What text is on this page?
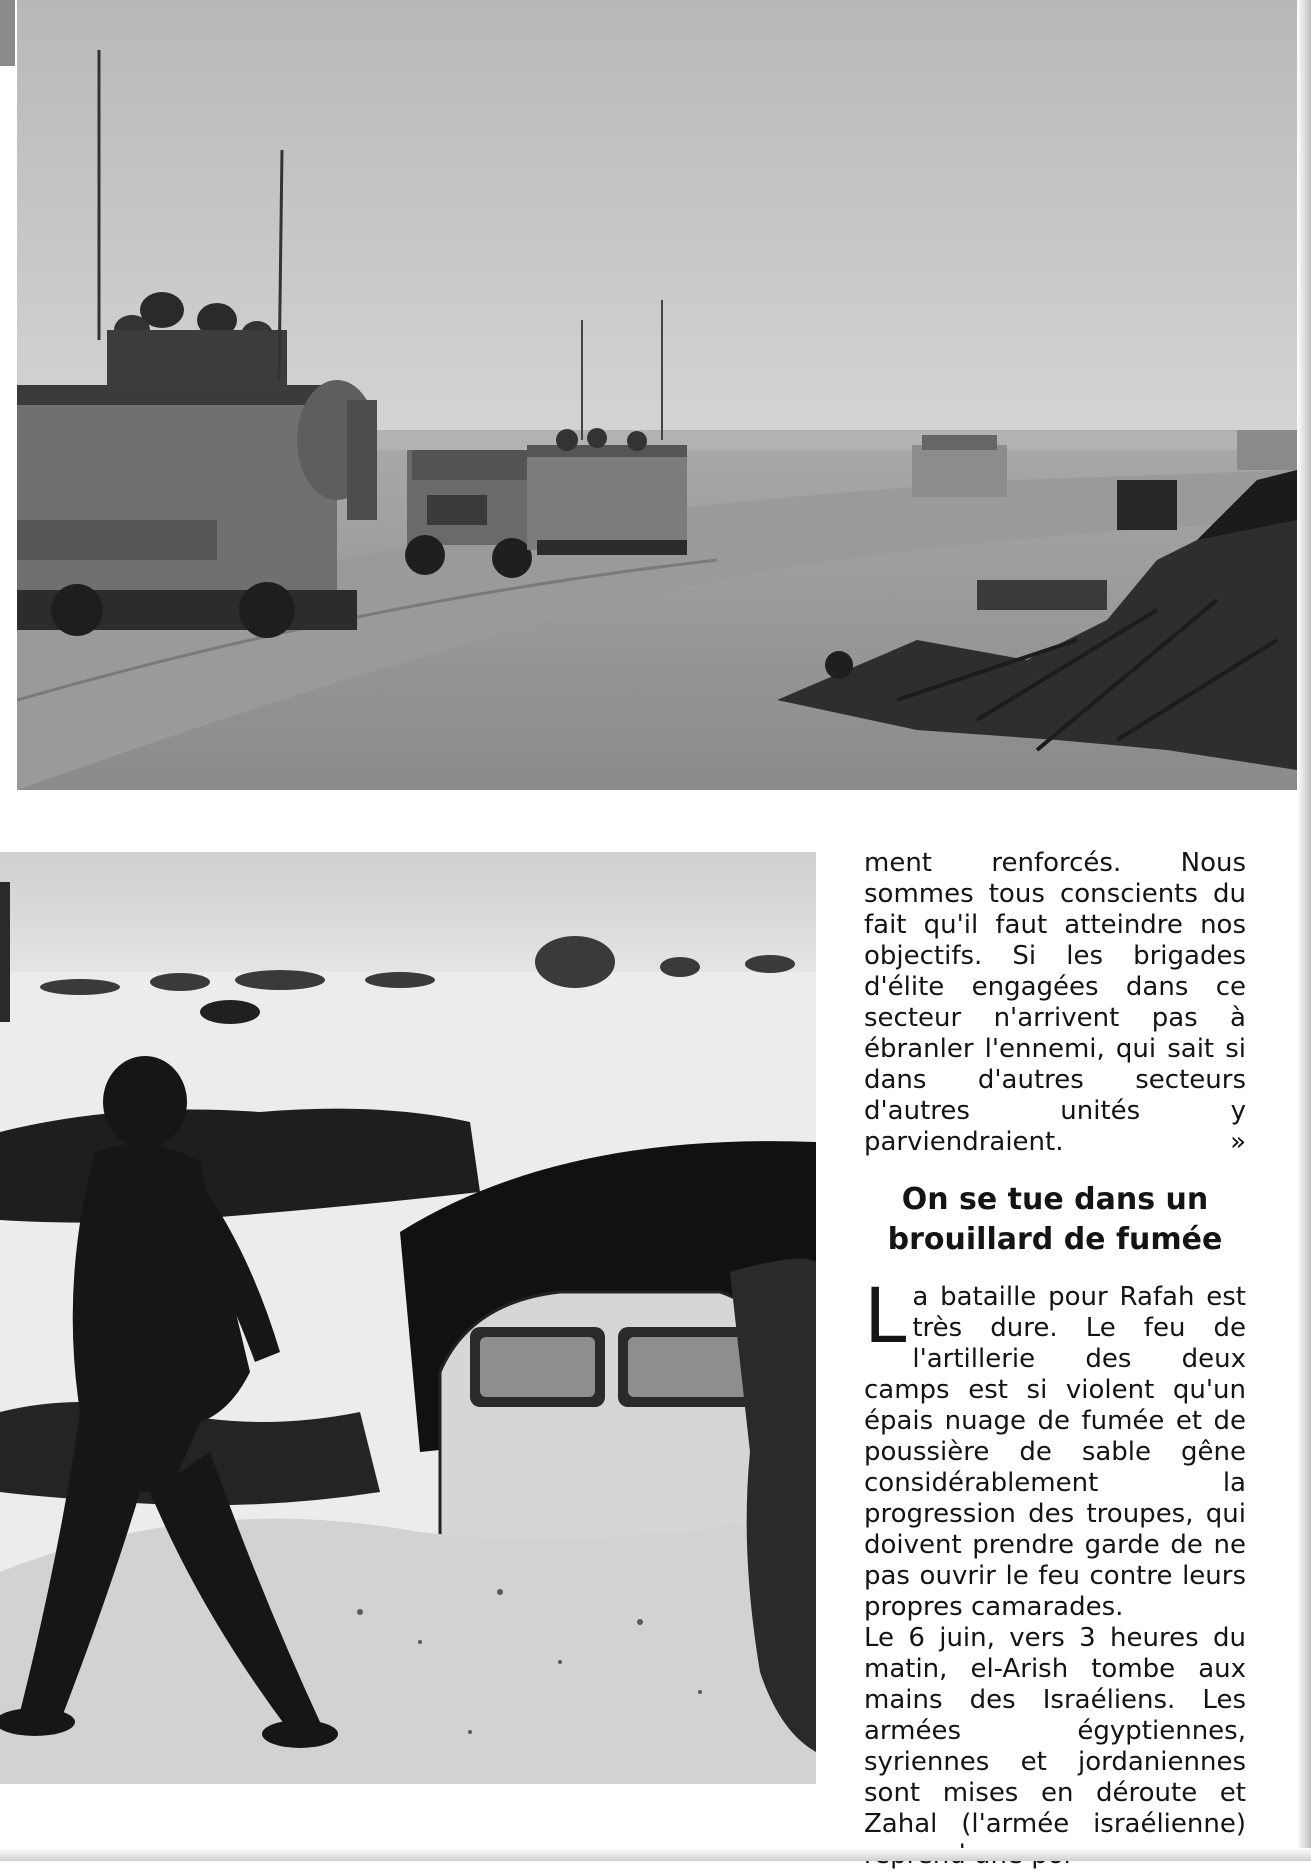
ment renforcés. Nous sommes tous conscients du fait qu'il faut atteindre nos objectifs. Si les brigades d'élite engagées dans ce secteur n'arrivent pas à ébranler l'ennemi, qui sait si dans d'autres secteurs d'autres unités y parviendraient. »

On se tue dans un
brouillard de fumée

La bataille pour Rafah est très dure. Le feu de l'artillerie des deux camps est si violent qu'un épais nuage de fumée et de poussière de sable gêne considérablement la progression des troupes, qui doivent prendre garde de ne pas ouvrir le feu contre leurs propres camarades.

Le 6 juin, vers 3 heures du matin, el-Arish tombe aux mains des Israéliens. Les armées égyptiennes, syriennes et jordaniennes sont mises en déroute et Zahal (l'armée israélienne)
